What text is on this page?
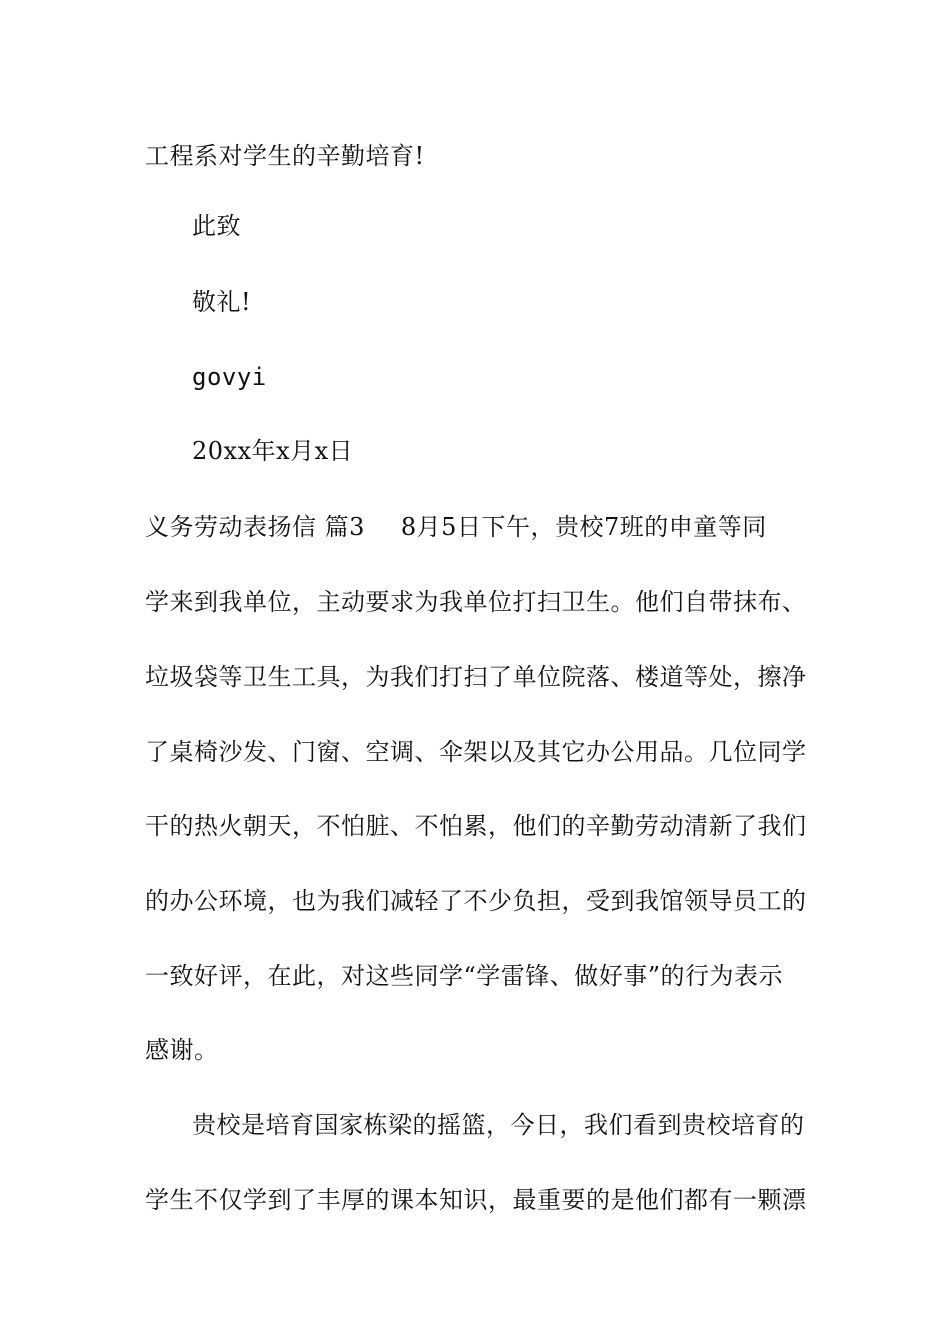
工程系对学生的辛勤培育!
此致
敬礼!
govyi
20xx年x月x日
义务劳动表扬信 篇3 8月5日下午，贵校7班的申童等同
学来到我单位，主动要求为我单位打扫卫生。他们自带抹布、
垃圾袋等卫生工具，为我们打扫了单位院落、楼道等处，擦净
了桌椅沙发、门窗、空调、伞架以及其它办公用品。几位同学
干的热火朝天，不怕脏、不怕累，他们的辛勤劳动清新了我们
的办公环境，也为我们减轻了不少负担，受到我馆领导员工的
一致好评，在此，对这些同学“学雷锋、做好事”的行为表示
感谢。
贵校是培育国家栋梁的摇篮，今日，我们看到贵校培育的
学生不仅学到了丰厚的课本知识，最重要的是他们都有一颗漂
